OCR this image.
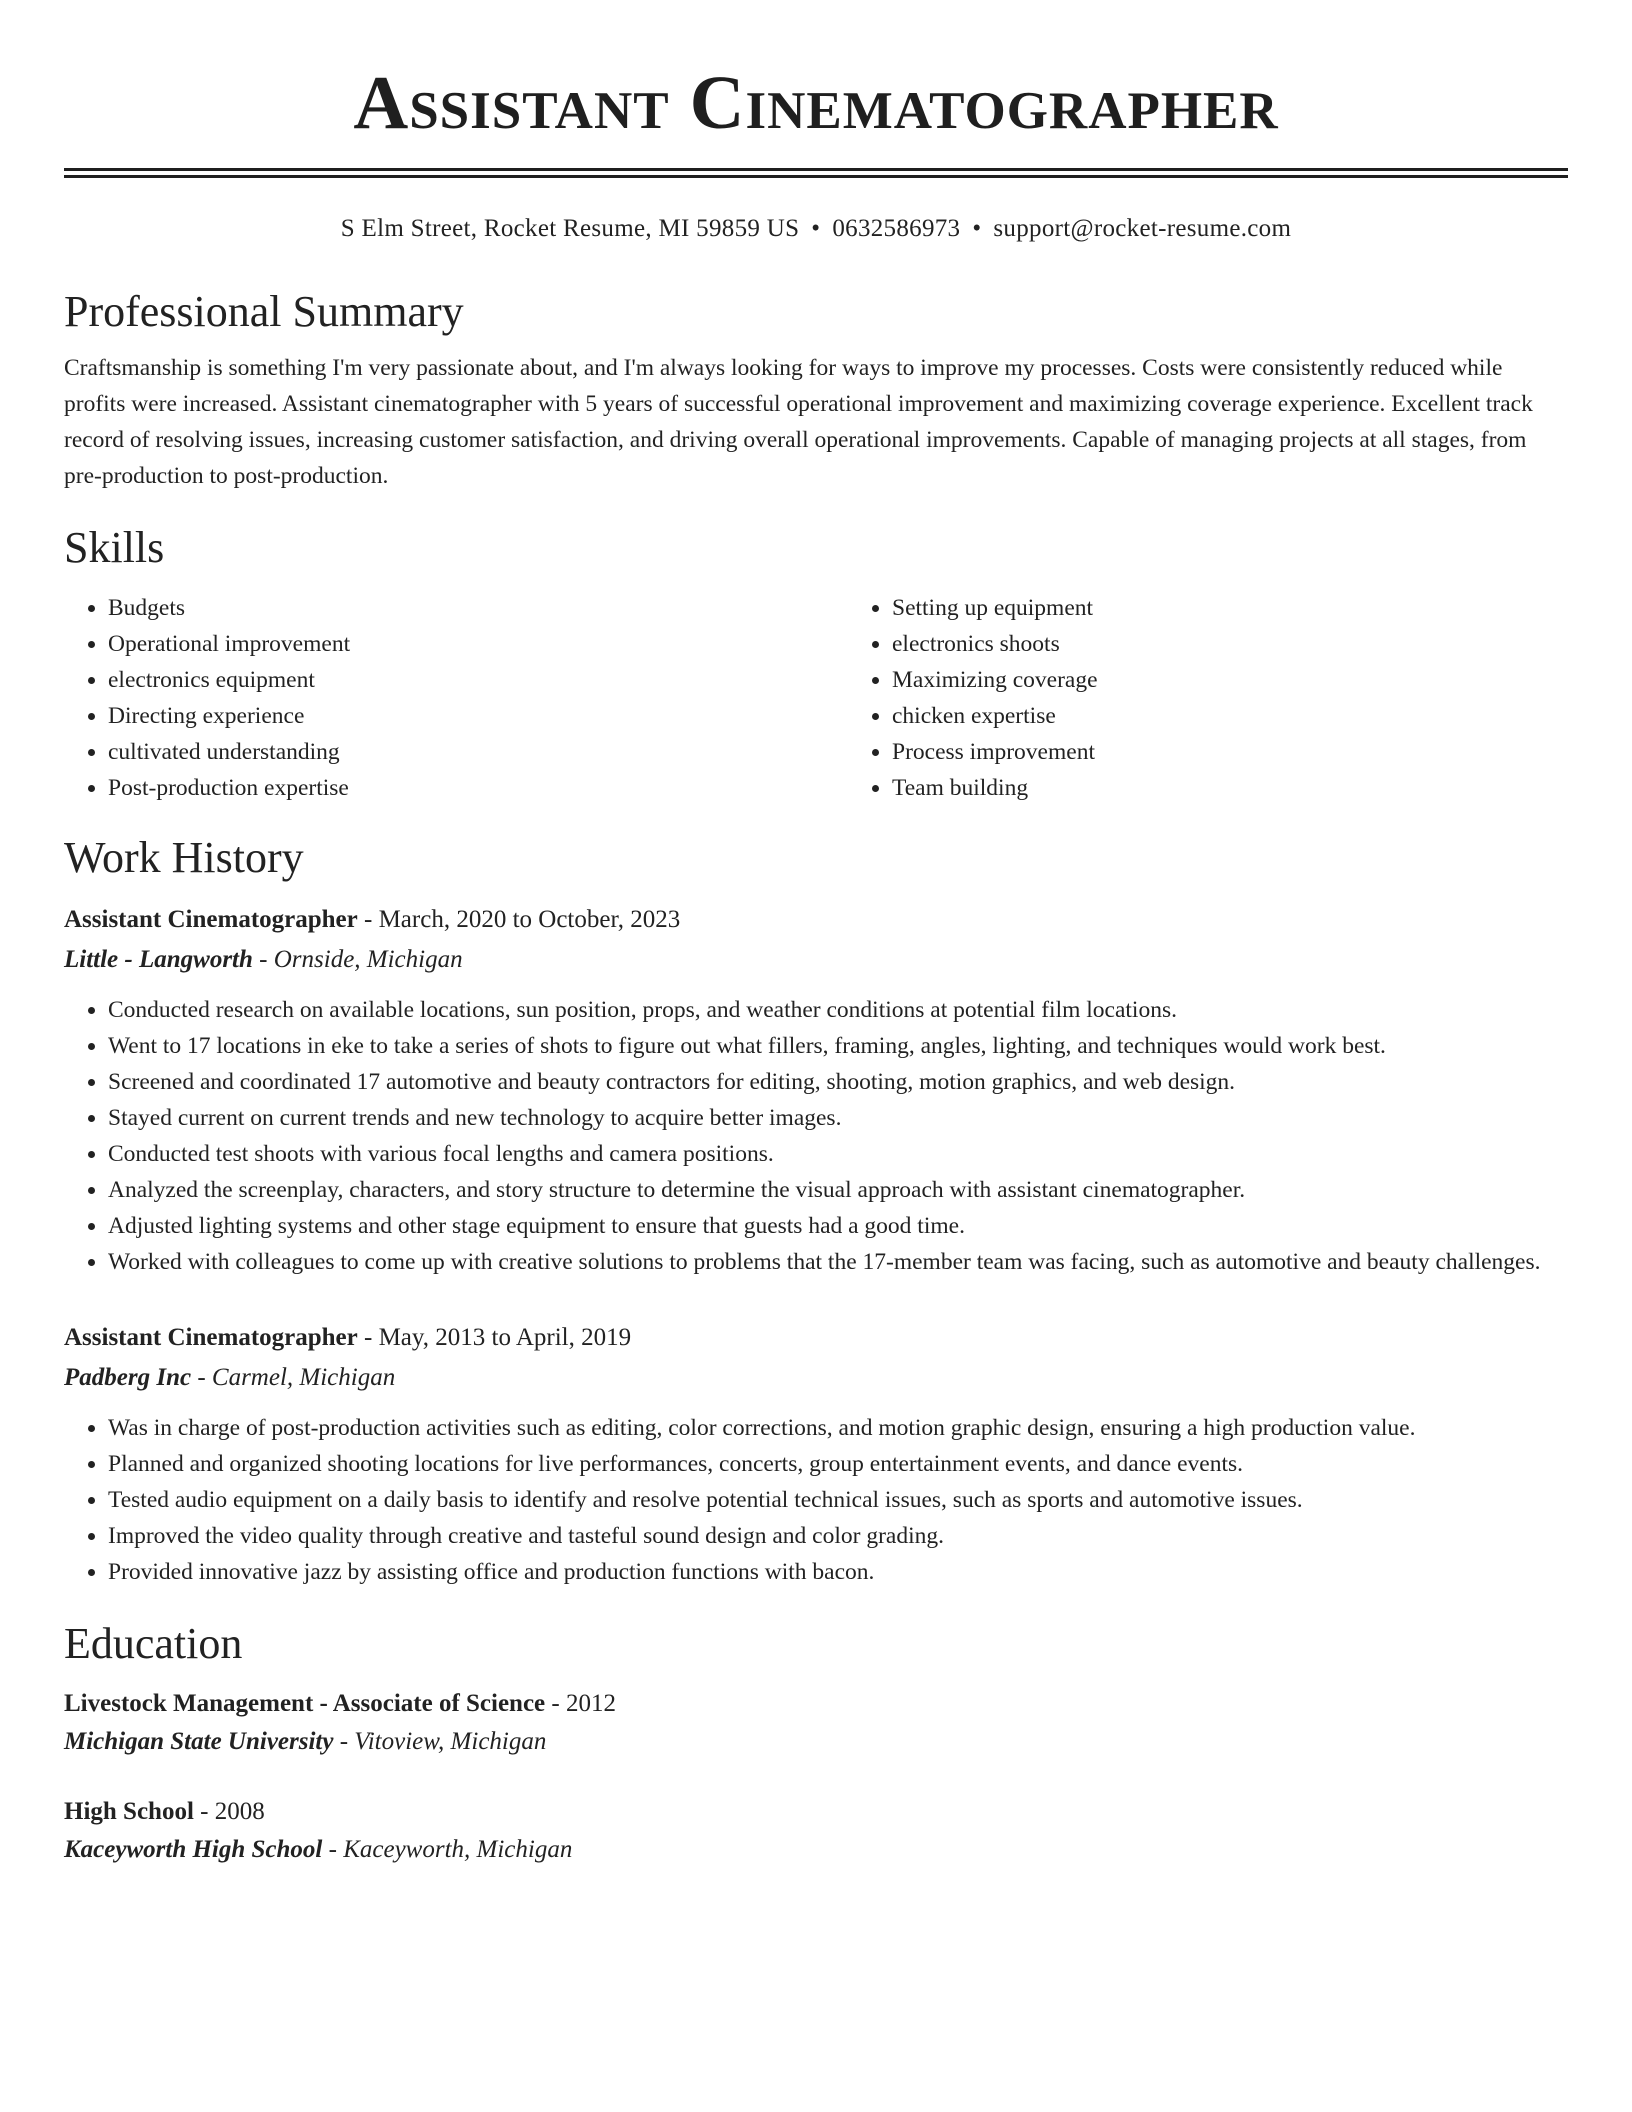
Assistant Cinematographer
S Elm Street, Rocket Resume, MI 59859 US • 0632586973 • support@rocket-resume.com
Professional Summary

Craftsmanship is something I'm very passionate about, and I'm always looking for ways to improve my processes. Costs were consistently reduced while profits were increased. Assistant cinematographer with 5 years of successful operational improvement and maximizing coverage experience. Excellent track record of resolving issues, increasing customer satisfaction, and driving overall operational improvements. Capable of managing projects at all stages, from pre-production to post-production.

Skills
• Budgets
• Operational improvement
• electronics equipment
• Directing experience
• cultivated understanding
• Post-production expertise
• Setting up equipment
• electronics shoots
• Maximizing coverage
• chicken expertise
• Process improvement
• Team building
Work History
Assistant Cinematographer - March, 2020 to October, 2023
Little - Langworth - Ornside, Michigan
• Conducted research on available locations, sun position, props, and weather conditions at potential film locations.
• Went to 17 locations in eke to take a series of shots to figure out what fillers, framing, angles, lighting, and techniques would work best.
• Screened and coordinated 17 automotive and beauty contractors for editing, shooting, motion graphics, and web design.
• Stayed current on current trends and new technology to acquire better images.
• Conducted test shoots with various focal lengths and camera positions.
• Analyzed the screenplay, characters, and story structure to determine the visual approach with assistant cinematographer.
• Adjusted lighting systems and other stage equipment to ensure that guests had a good time.
• Worked with colleagues to come up with creative solutions to problems that the 17-member team was facing, such as automotive and beauty challenges.
Assistant Cinematographer - May, 2013 to April, 2019
Padberg Inc - Carmel, Michigan
• Was in charge of post-production activities such as editing, color corrections, and motion graphic design, ensuring a high production value.
• Planned and organized shooting locations for live performances, concerts, group entertainment events, and dance events.
• Tested audio equipment on a daily basis to identify and resolve potential technical issues, such as sports and automotive issues.
• Improved the video quality through creative and tasteful sound design and color grading.
• Provided innovative jazz by assisting office and production functions with bacon.
Education
Livestock Management - Associate of Science - 2012
Michigan State University - Vitoview, Michigan
High School - 2008
Kaceyworth High School - Kaceyworth, Michigan
